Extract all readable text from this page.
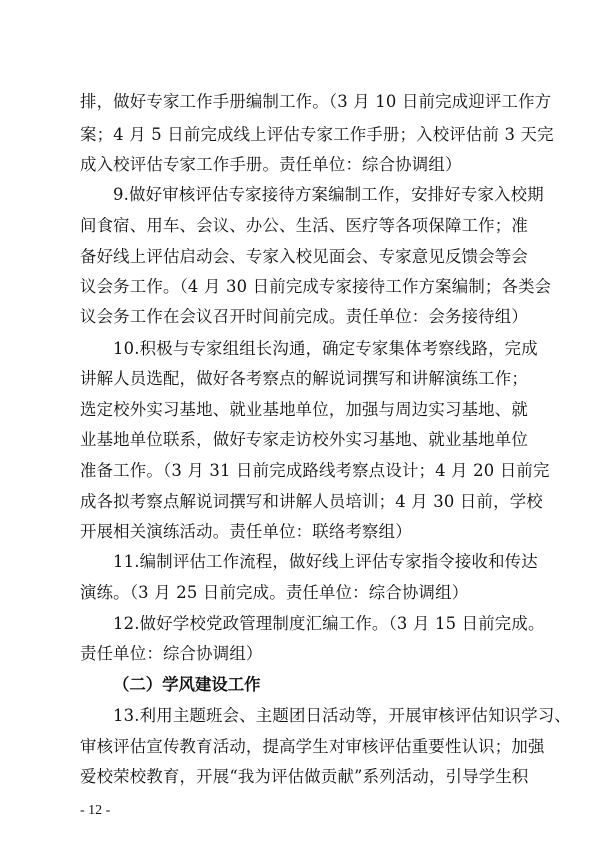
排，做好专家工作手册编制工作。（3 月 10 日前完成迎评工作方
案；4 月 5 日前完成线上评估专家工作手册；入校评估前 3 天完
成入校评估专家工作手册。责任单位：综合协调组）
9.做好审核评估专家接待方案编制工作，安排好专家入校期
间食宿、用车、会议、办公、生活、医疗等各项保障工作；准
备好线上评估启动会、专家入校见面会、专家意见反馈会等会
议会务工作。（4 月 30 日前完成专家接待工作方案编制；各类会
议会务工作在会议召开时间前完成。责任单位：会务接待组）
10.积极与专家组组长沟通，确定专家集体考察线路，完成
讲解人员选配，做好各考察点的解说词撰写和讲解演练工作；
选定校外实习基地、就业基地单位，加强与周边实习基地、就
业基地单位联系，做好专家走访校外实习基地、就业基地单位
准备工作。（3 月 31 日前完成路线考察点设计；4 月 20 日前完
成各拟考察点解说词撰写和讲解人员培训；4 月 30 日前，学校
开展相关演练活动。责任单位：联络考察组）
11.编制评估工作流程，做好线上评估专家指令接收和传达
演练。（3 月 25 日前完成。责任单位：综合协调组）
12.做好学校党政管理制度汇编工作。（3 月 15 日前完成。
责任单位：综合协调组）
（二）学风建设工作
13.利用主题班会、主题团日活动等，开展审核评估知识学习、
审核评估宣传教育活动，提高学生对审核评估重要性认识；加强
爱校荣校教育，开展“我为评估做贡献”系列活动，引导学生积
- 12 -
